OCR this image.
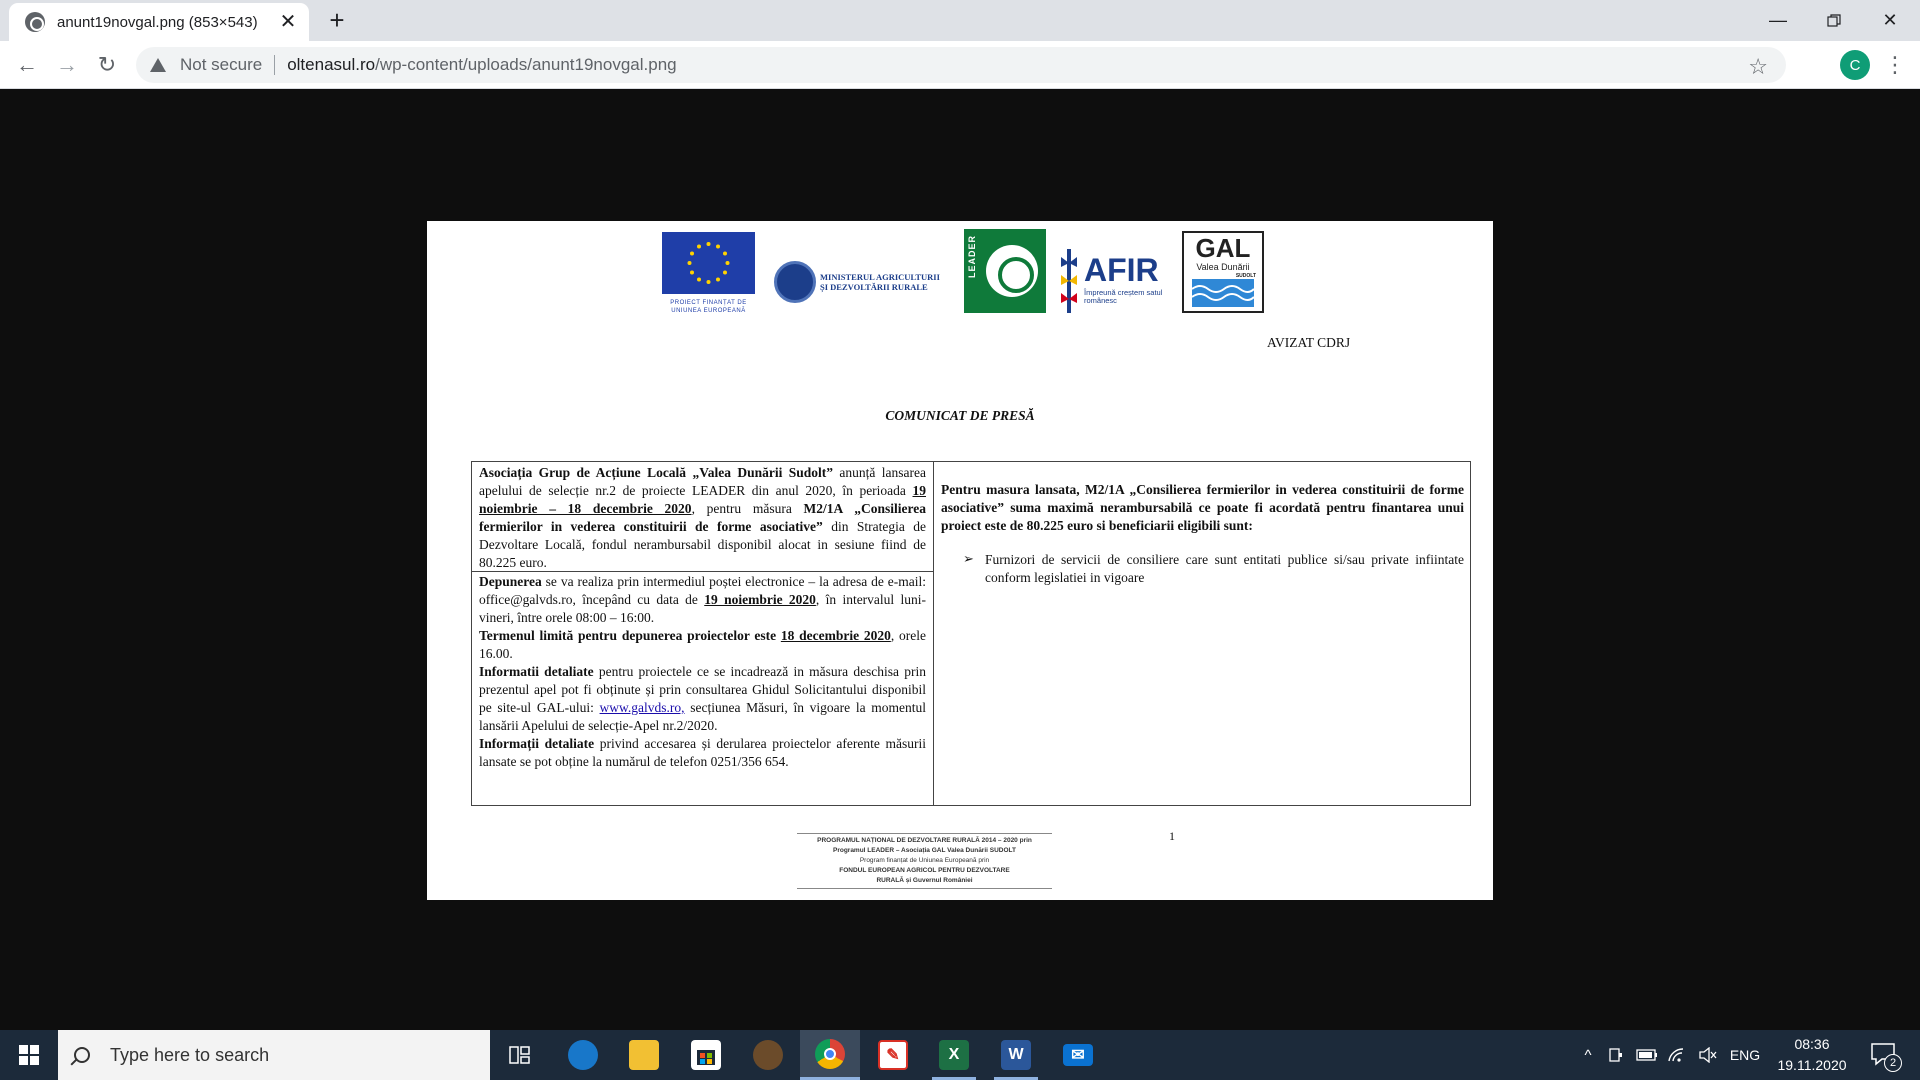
anunt19novgal.png (853×543)	✕ +	—	✕
← → ↻	Not secure oltenasul.ro /wp-content/uploads/anunt19novgal.png	☆	C	⋮
PROIECT FINANȚAT DE UNIUNEA EUROPEANĂ
MINISTERUL AGRICULTURII ȘI DEZVOLTĂRII RURALE
LEADER	AFIR
Împreună creștem satul românesc
GAL
Valea Dunării
SUDOLT
AVIZAT CDRJ
COMUNICAT DE PRESĂ

Asociația Grup de Acțiune Locală „Valea Dunării Sudolt” anunță lansarea apelului de selecție nr.2 de proiecte LEADER din anul 2020, în perioada 19 noiembrie – 18 decembrie 2020, pentru măsura M2/1A „Consilierea fermierilor in vederea constituirii de forme asociative” din Strategia de Dezvoltare Locală, fondul nerambursabil disponibil alocat in sesiune fiind de 80.225 euro.

Depunerea se va realiza prin intermediul poștei electronice – la adresa de e-mail: office@galvds.ro, începând cu data de 19 noiembrie 2020, în intervalul luni-vineri, între orele 08:00 – 16:00.

Termenul limită pentru depunerea proiectelor este 18 decembrie 2020, orele 16.00.

Informatii detaliate pentru proiectele ce se incadrează in măsura deschisa prin prezentul apel pot fi obținute și prin consultarea Ghidul Solicitantului disponibil pe site-ul GAL-ului: www.galvds.ro, secțiunea Măsuri, în vigoare la momentul lansării Apelului de selecție-Apel nr.2/2020.

Informații detaliate privind accesarea și derularea proiectelor aferente măsurii lansate se pot obține la numărul de telefon 0251/356 654.

Pentru masura lansata, M2/1A „Consilierea fermierilor in vederea constituirii de forme asociative” suma maximă nerambursabilă ce poate fi acordată pentru finantarea unui proiect este de 80.225 euro si beneficiarii eligibili sunt:

➢ Furnizori de servicii de consiliere care sunt entitati publice si/sau private infiintate conform legislatiei in vigoare
PROGRAMUL NAȚIONAL DE DEZVOLTARE RURALĂ 2014 – 2020 prin
Programul LEADER – Asociația GAL Valea Dunării SUDOLT
Program finanțat de Uniunea Europeană prin
FONDUL EUROPEAN AGRICOL PENTRU DEZVOLTARE
RURALĂ și Guvernul României
1
Type here to search	✎	X	W	✉	^	ENG
08:36
19.11.2020	2
